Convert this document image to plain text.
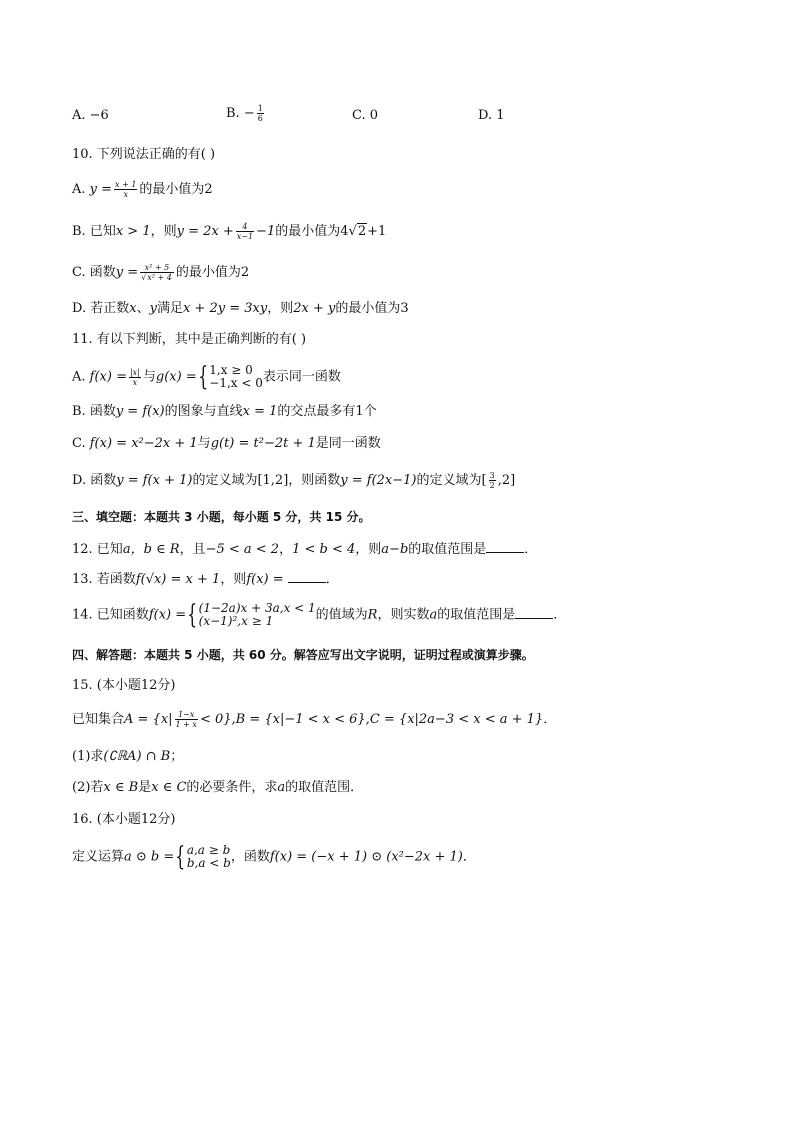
A. −6	B. − $\frac{1}{6}$	C. 0	D. 1
10. 下列说法正确的有( )
A. $y = \frac{x + 1}{x}$ 的最小值为2
B. 已知x > 1，则$y = 2x + \frac{4}{x-1} -1$的最小值为4√2+1
C. 函数$y = \frac{\text{x² + 5}}{\text{√x² + 4}}$ 的最小值为2
D. 若正数x、y满足x + 2y = 3xy，则2x + y的最小值为3
11. 有以下判断，其中是正确判断的有( )
A. $f(x) = \frac{|x|}{x}$ 与g(x) ={ 1,x ≥ 0
−1,x < 0 表示同一函数
B. 函数y = f(x)的图象与直线x = 1的交点最多有1个
C. f(x) = x²−2x + 1与g(t) = t²−2t + 1是同一函数
D. 函数y = f(x + 1)的定义域为[1,2]，则函数y = f(2x−1)的定义域为[ $\frac{3}{2} ,2$]
三、填空题：本题共 3 小题，每小题 5 分，共 15 分。
12. 已知a，b ∈ R，且−5 < a < 2，1 < b < 4，则a−b的取值范围是	．
13. 若函数f(√x) = x + 1，则f(x) =	．
14. 已知函数f(x) ={ (1−2a)x + 3a,x < 1
(x−1)²,x ≥ 1	的值域为R，则实数a的取值范围是	．
四、解答题：本题共 5 小题，共 60 分。解答应写出文字说明，证明过程或演算步骤。
15. (本小题12分)
已知集合$A = \{x| \frac{1-x}{1 + x} < 0\},B = \{x|-1 < x < 6\},C = \{x|2a-3 < x < a + 1\}$．
(1)求(∁ℝA) ∩ B；
(2)若x ∈ B是x ∈ C的必要条件，求a的取值范围．
16. (本小题12分)
定义运算a ⊙ b ={ a,a ≥ b
b,a < b ，函数f(x) = (−x + 1) ⊙ (x²−2x + 1)．
